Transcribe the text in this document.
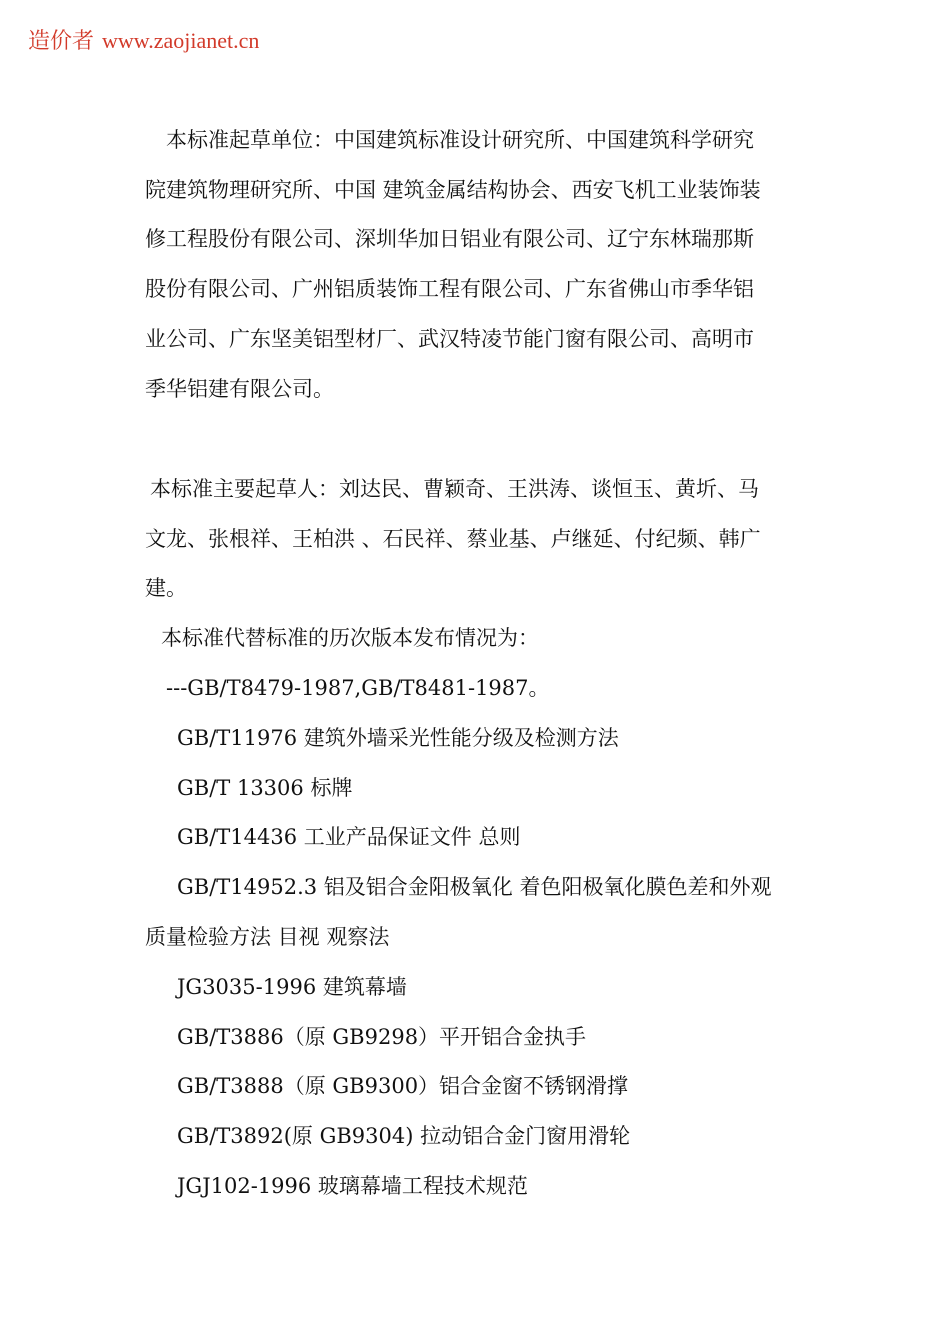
造价者 www.zaojianet.cn
本标准起草单位：中国建筑标准设计研究所、中国建筑科学研究
院建筑物理研究所、中国 建筑金属结构协会、西安飞机工业装饰装
修工程股份有限公司、深圳华加日铝业有限公司、辽宁东林瑞那斯
股份有限公司、广州铝质装饰工程有限公司、广东省佛山市季华铝
业公司、广东坚美铝型材厂、武汉特凌节能门窗有限公司、高明市
季华铝建有限公司。
本标准主要起草人：刘达民、曹颖奇、王洪涛、谈恒玉、黄圻、马
文龙、张根祥、王柏洪 、石民祥、蔡业基、卢继延、付纪频、韩广
建。
本标准代替标准的历次版本发布情况为：
---GB/T8479-1987,GB/T8481-1987。
GB/T11976 建筑外墙采光性能分级及检测方法
GB/T 13306 标牌
GB/T14436 工业产品保证文件 总则
GB/T14952.3 铝及铝合金阳极氧化 着色阳极氧化膜色差和外观
质量检验方法 目视 观察法
JG3035-1996 建筑幕墙
GB/T3886（原 GB9298）平开铝合金执手
GB/T3888（原 GB9300）铝合金窗不锈钢滑撑
GB/T3892(原 GB9304) 拉动铝合金门窗用滑轮
JGJ102-1996 玻璃幕墙工程技术规范
